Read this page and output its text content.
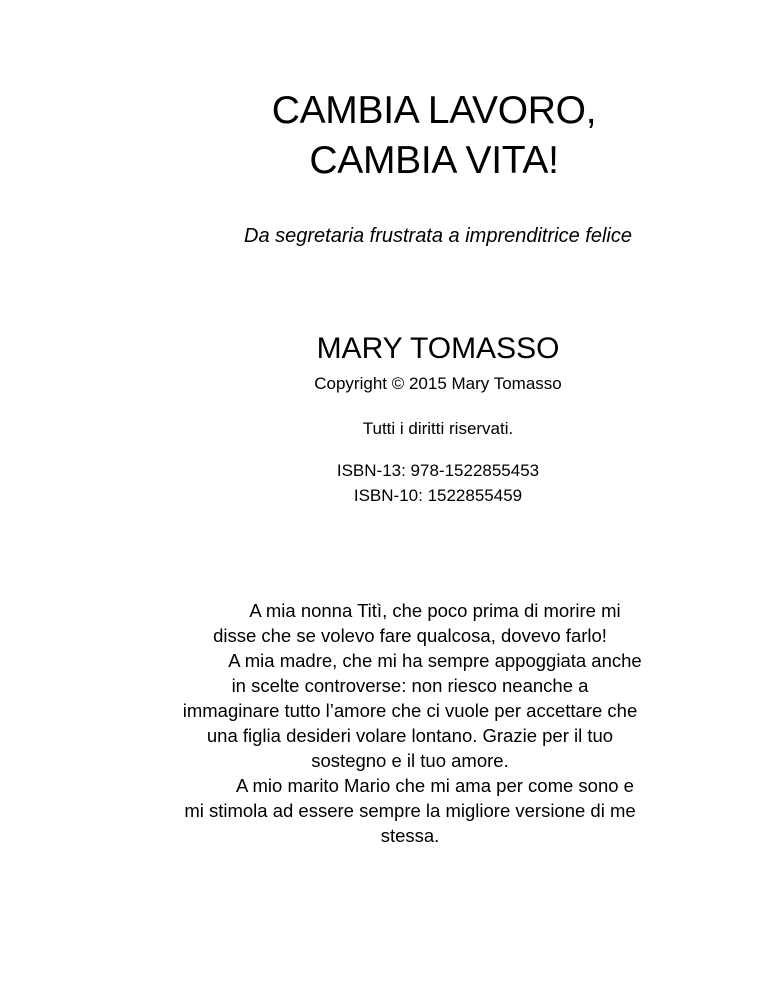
CAMBIA LAVORO,
CAMBIA VITA!

Da segretaria frustrata a imprenditrice felice

MARY TOMASSO

Copyright © 2015 Mary Tomasso

Tutti i diritti riservati.

ISBN-13: 978-1522855453

ISBN-10: 1522855459

A mia nonna Titì, che poco prima di morire mi
disse che se volevo fare qualcosa, dovevo farlo!
A mia madre, che mi ha sempre appoggiata anche
in scelte controverse: non riesco neanche a
immaginare tutto l’amore che ci vuole per accettare che
una figlia desideri volare lontano. Grazie per il tuo
sostegno e il tuo amore.
A mio marito Mario che mi ama per come sono e
mi stimola ad essere sempre la migliore versione di me
stessa.
